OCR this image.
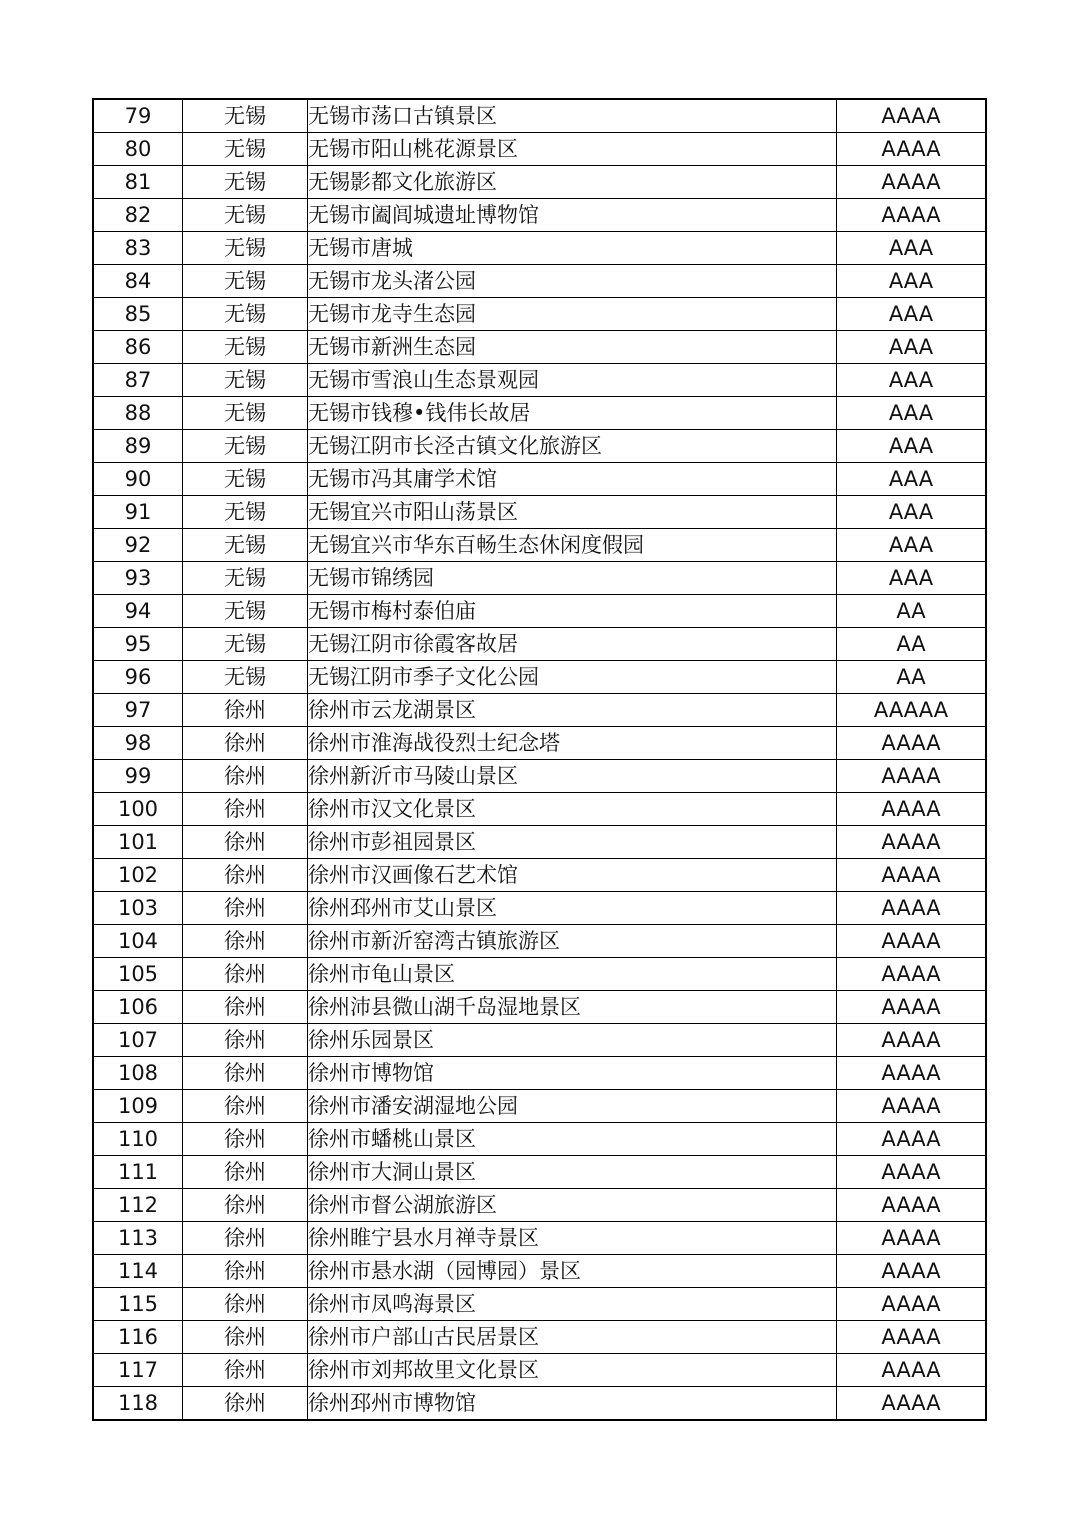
79	无锡	无锡市荡口古镇景区	AAAA
80	无锡	无锡市阳山桃花源景区	AAAA
81	无锡	无锡影都文化旅游区	AAAA
82	无锡	无锡市阖闾城遗址博物馆	AAAA
83	无锡	无锡市唐城	AAA
84	无锡	无锡市龙头渚公园	AAA
85	无锡	无锡市龙寺生态园	AAA
86	无锡	无锡市新洲生态园	AAA
87	无锡	无锡市雪浪山生态景观园	AAA
88	无锡	无锡市钱穆•钱伟长故居	AAA
89	无锡	无锡江阴市长泾古镇文化旅游区	AAA
90	无锡	无锡市冯其庸学术馆	AAA
91	无锡	无锡宜兴市阳山荡景区	AAA
92	无锡	无锡宜兴市华东百畅生态休闲度假园	AAA
93	无锡	无锡市锦绣园	AAA
94	无锡	无锡市梅村泰伯庙	AA
95	无锡	无锡江阴市徐霞客故居	AA
96	无锡	无锡江阴市季子文化公园	AA
97	徐州	徐州市云龙湖景区	AAAAA
98	徐州	徐州市淮海战役烈士纪念塔	AAAA
99	徐州	徐州新沂市马陵山景区	AAAA
100	徐州	徐州市汉文化景区	AAAA
101	徐州	徐州市彭祖园景区	AAAA
102	徐州	徐州市汉画像石艺术馆	AAAA
103	徐州	徐州邳州市艾山景区	AAAA
104	徐州	徐州市新沂窑湾古镇旅游区	AAAA
105	徐州	徐州市龟山景区	AAAA
106	徐州	徐州沛县微山湖千岛湿地景区	AAAA
107	徐州	徐州乐园景区	AAAA
108	徐州	徐州市博物馆	AAAA
109	徐州	徐州市潘安湖湿地公园	AAAA
110	徐州	徐州市蟠桃山景区	AAAA
111	徐州	徐州市大洞山景区	AAAA
112	徐州	徐州市督公湖旅游区	AAAA
113	徐州	徐州睢宁县水月禅寺景区	AAAA
114	徐州	徐州市悬水湖（园博园）景区	AAAA
115	徐州	徐州市凤鸣海景区	AAAA
116	徐州	徐州市户部山古民居景区	AAAA
117	徐州	徐州市刘邦故里文化景区	AAAA
118	徐州	徐州邳州市博物馆	AAAA
